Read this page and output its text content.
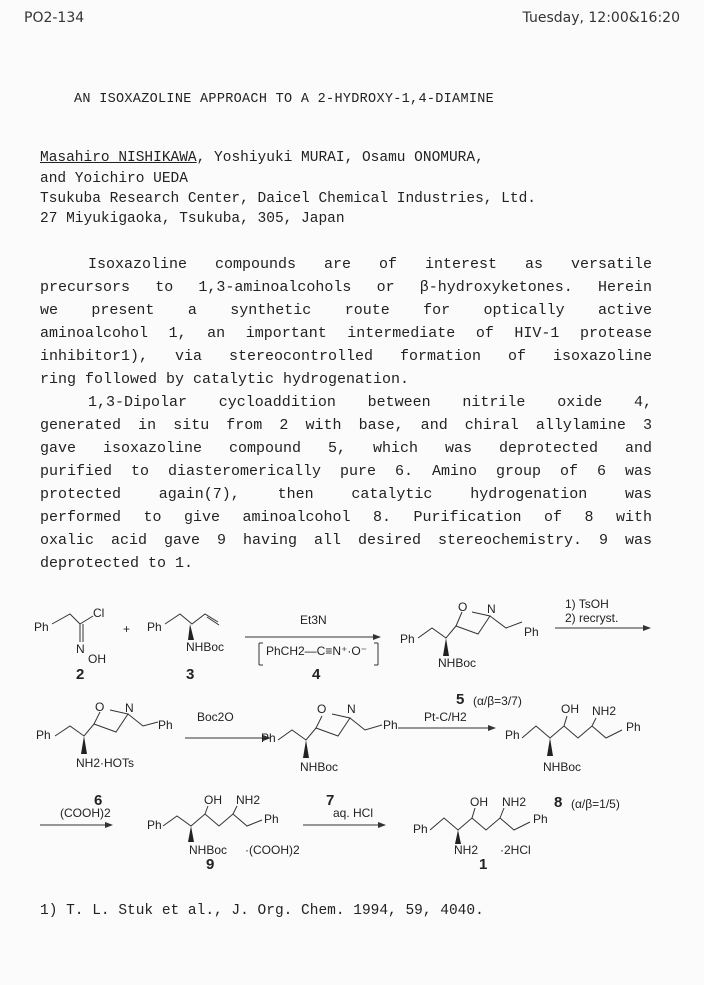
PO2-134	Tuesday, 12:00&16:20
AN ISOXAZOLINE APPROACH TO A 2-HYDROXY-1,4-DIAMINE
Masahiro NISHIKAWA, Yoshiyuki MURAI, Osamu ONOMURA,
and Yoichiro UEDA
Tsukuba Research Center, Daicel Chemical Industries, Ltd.
27 Miyukigaoka, Tsukuba, 305, Japan
Isoxazoline compounds are of interest as versatile
precursors to 1,3-aminoalcohols or β-hydroxyketones. Herein
we present a synthetic route for optically active
aminoalcohol 1, an important intermediate of HIV-1 protease
inhibitor1), via stereocontrolled formation of isoxazoline
ring followed by catalytic hydrogenation.
1,3-Dipolar cycloaddition between nitrile oxide 4,
generated in situ from 2 with base, and chiral allylamine 3
gave isoxazoline compound 5, which was deprotected and
purified to diasteromerically pure 6. Amino group of 6 was
protected again(7), then catalytic hydrogenation was
performed to give aminoalcohol 8. Purification of 8 with
oxalic acid gave 9 having all desired stereochemistry. 9 was
deprotected to 1.
Ph
Cl
N
OH
+ Ph
NHBoc
Et3N
PhCH2—C≡N⁺·O⁻
Ph
O N
Ph
NHBoc
1) TsOH
2) recryst.
Ph
O N
Ph
NH2·HOTs
Boc2O
Ph
O N
Ph
NHBoc
Pt-C/H2
Ph
OH NH2
Ph
NHBoc
(COOH)2
Ph
OH NH2
Ph
NHBoc ·(COOH)2
aq. HCl
Ph
OH NH2
Ph
NH2 ·2HCl
2	3	4
5 (α/β=3/7)
6	7	8 (α/β=1/5)
9	1
1) T. L. Stuk et al., J. Org. Chem. 1994, 59, 4040.
